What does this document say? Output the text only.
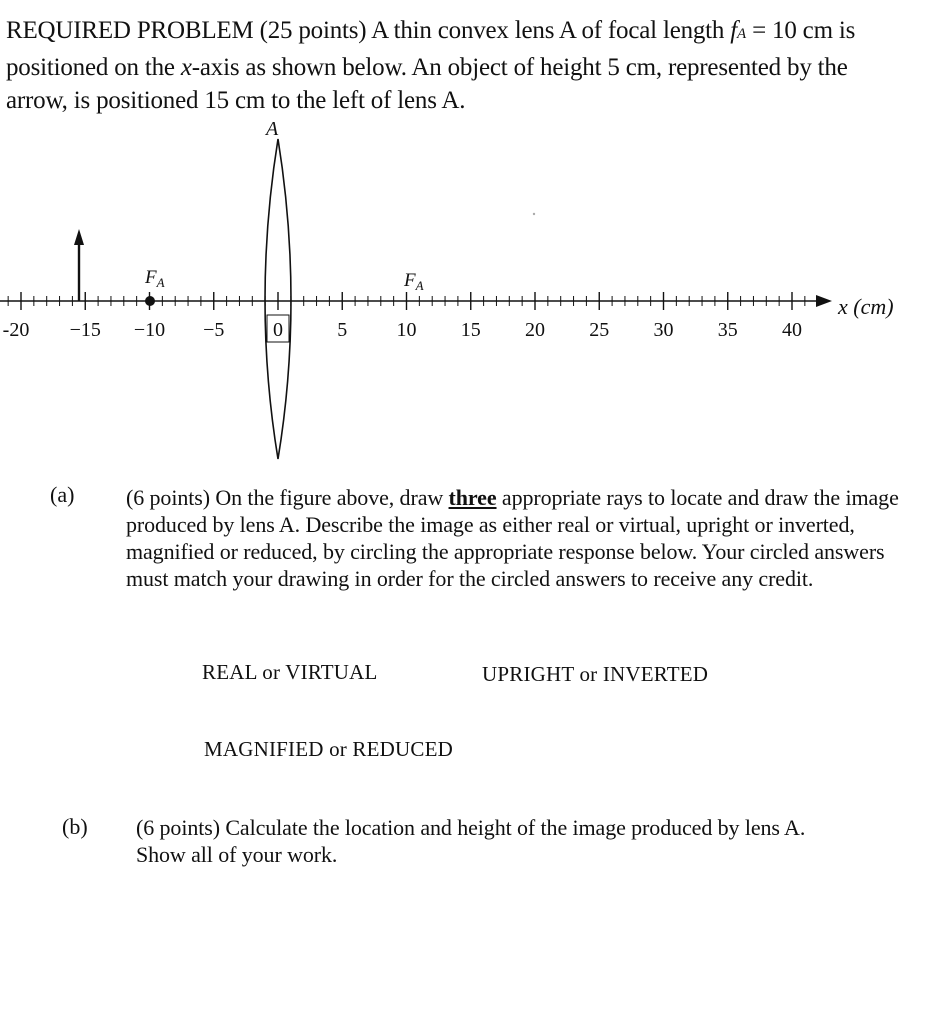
REQUIRED PROBLEM (25 points) A thin convex lens A of focal length fA = 10 cm is positioned on the x-axis as shown below. An object of height 5 cm, represented by the arrow, is positioned 15 cm to the left of lens A.
-20 −15 −10 −5 0	5 10 15 20 25 30 35 40
x (cm)
A
$F_A$	$F_A$
(a) (6 points) On the figure above, draw three appropriate rays to locate and draw the image produced by lens A. Describe the image as either real or virtual, upright or inverted, magnified or reduced, by circling the appropriate response below. Your circled answers must match your drawing in order for the circled answers to receive any credit.
REAL or VIRTUAL	UPRIGHT or INVERTED
MAGNIFIED or REDUCED
(b) (6 points) Calculate the location and height of the image produced by lens A. Show all of your work.
